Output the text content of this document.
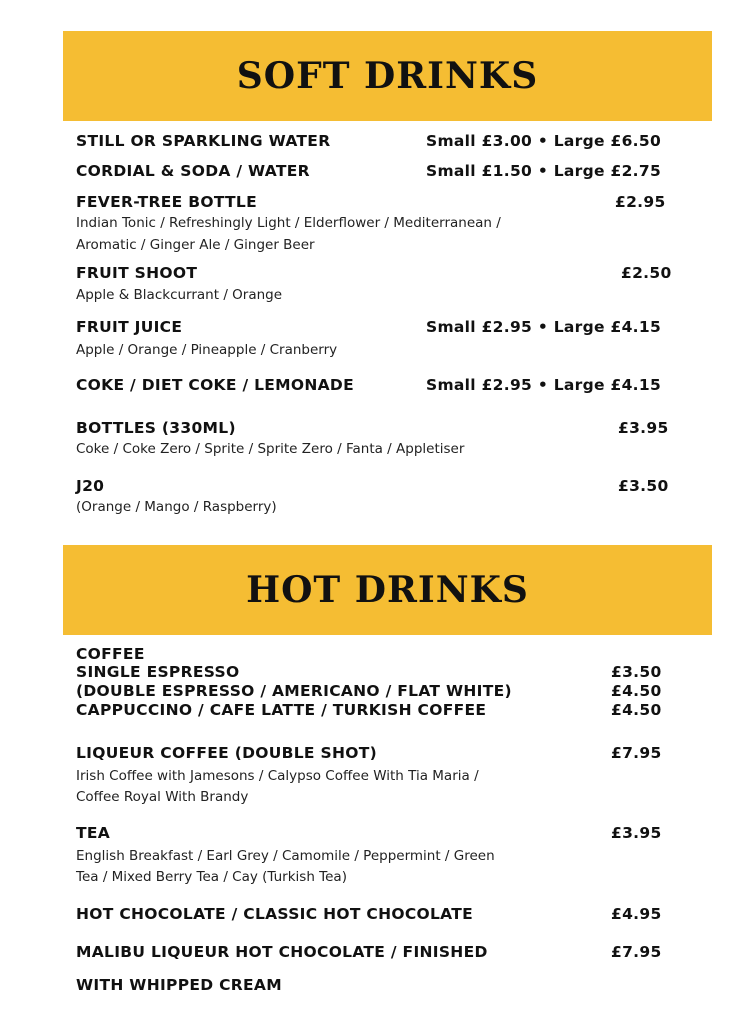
SOFT DRINKS
STILL OR SPARKLING WATER	Small £3.00 • Large £6.50
CORDIAL & SODA / WATER	Small £1.50 • Large £2.75
FEVER-TREE BOTTLE	£2.95
Indian Tonic / Refreshingly Light / Elderflower / Mediterranean /
Aromatic / Ginger Ale / Ginger Beer
FRUIT SHOOT	£2.50
Apple & Blackcurrant / Orange
FRUIT JUICE	Small £2.95 • Large £4.15
Apple / Orange / Pineapple / Cranberry
COKE / DIET COKE / LEMONADE	Small £2.95 • Large £4.15
BOTTLES (330ML)	£3.95
Coke / Coke Zero / Sprite / Sprite Zero / Fanta / Appletiser
J20	£3.50
(Orange / Mango / Raspberry)
HOT DRINKS
COFFEE
SINGLE ESPRESSO	£3.50
(DOUBLE ESPRESSO / AMERICANO / FLAT WHITE)	£4.50
CAPPUCCINO / CAFE LATTE / TURKISH COFFEE	£4.50
LIQUEUR COFFEE (DOUBLE SHOT)	£7.95
Irish Coffee with Jamesons / Calypso Coffee With Tia Maria /
Coffee Royal With Brandy
TEA	£3.95
English Breakfast / Earl Grey / Camomile / Peppermint / Green
Tea / Mixed Berry Tea / Cay (Turkish Tea)
HOT CHOCOLATE / CLASSIC HOT CHOCOLATE	£4.95
MALIBU LIQUEUR HOT CHOCOLATE / FINISHED	£7.95
WITH WHIPPED CREAM
